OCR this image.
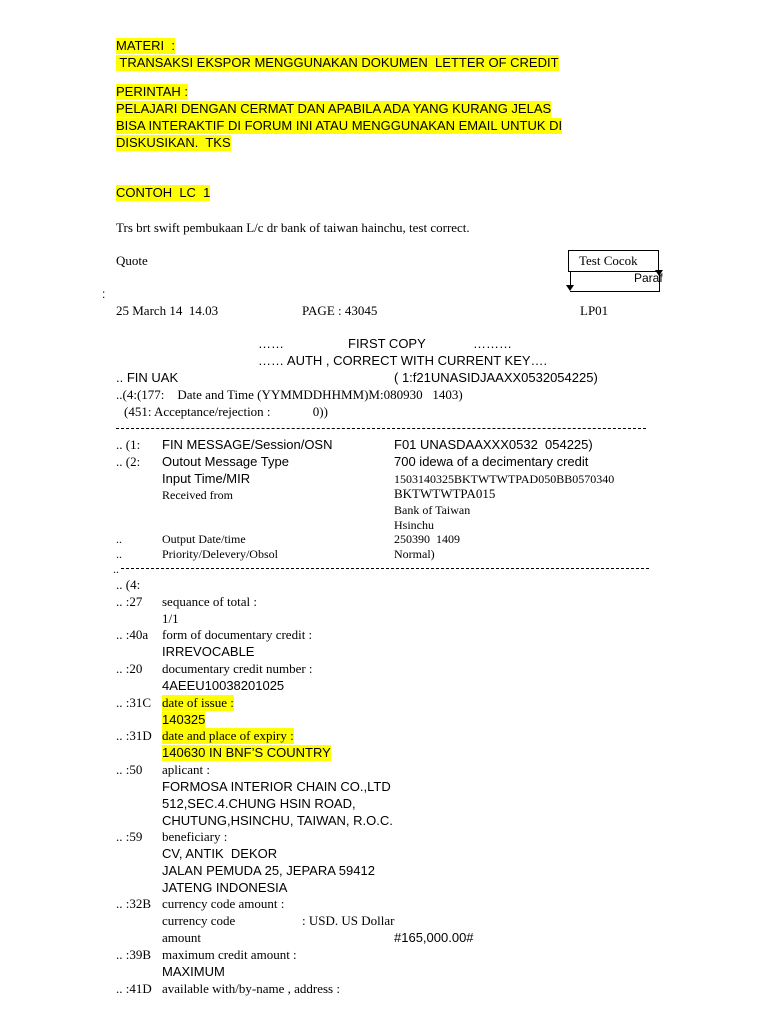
MATERI  :
TRANSAKSI EKSPOR MENGGUNAKAN DOKUMEN  LETTER OF CREDIT
PERINTAH :
PELAJARI DENGAN CERMAT DAN APABILA ADA YANG KURANG JELAS
BISA INTERAKTIF DI FORUM INI ATAU MENGGUNAKAN EMAIL UNTUK DI
DISKUSIKAN.  TKS
CONTOH  LC  1
Trs brt swift pembukaan L/c dr bank of taiwan hainchu, test correct.
Quote	Test Cocok
Paraf
:
25 March 14  14.03	PAGE : 43045	LP01
……	FIRST COPY	………
…… AUTH , CORRECT WITH CURRENT KEY….
.. FIN UAK	( 1:f21UNASIDJAAXX0532054225)
..(4:(177:    Date and Time (YYMMDDHHMM)M:080930   1403)
(451: Acceptance/rejection :             0))
.. (1: FIN MESSAGE/Session/OSN	F01 UNASDAAXXX0532  054225)
.. (2: Outout Message Type	700 idewa of a decimentary credit
Input Time/MIR	1503140325BKTWTWTPAD050BB0570340
Received from	BKTWTWTPA015
Bank of Taiwan
Hsinchu
..	Output Date/time	250390  1409
..	Priority/Delevery/Obsol	Normal)
..
.. (4:
.. :27 sequance of total :
1/1
.. :40a form of documentary credit :
IRREVOCABLE
.. :20 documentary credit number :
4AEEU10038201025
.. :31C date of issue :
140325
.. :31D date and place of expiry :
140630 IN BNF’S COUNTRY
.. :50 aplicant :
FORMOSA INTERIOR CHAIN CO.,LTD
512,SEC.4.CHUNG HSIN ROAD,
CHUTUNG,HSINCHU, TAIWAN, R.O.C.
.. :59 beneficiary :
CV, ANTIK  DEKOR
JALAN PEMUDA 25, JEPARA 59412
JATENG INDONESIA
.. :32B currency code amount :
currency code	: USD. US Dollar
amount	#165,000.00#
.. :39B maximum credit amount :
MAXIMUM
.. :41D available with/by-name , address :
